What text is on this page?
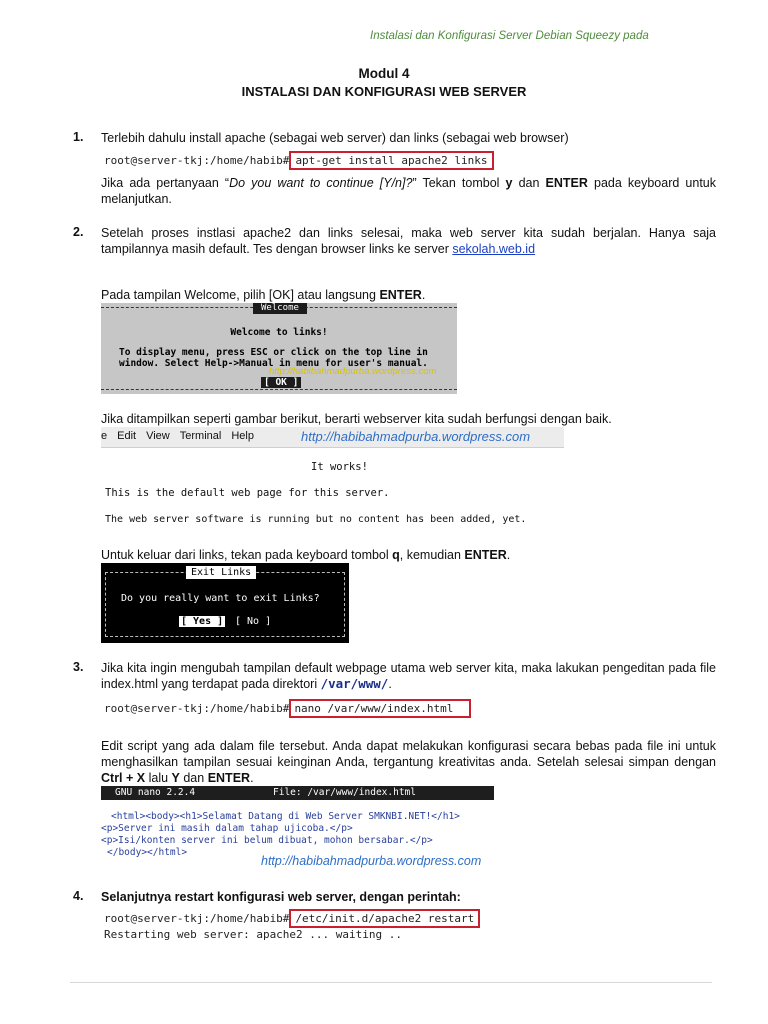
Instalasi dan Konfigurasi Server Debian Squeezy pada
Modul 4
INSTALASI DAN KONFIGURASI WEB SERVER
1. Terlebih dahulu install apache (sebagai web server) dan links (sebagai web browser)
root@server-tkj:/home/habib# apt-get install apache2 links
Jika ada pertanyaan “Do you want to continue [Y/n]?” Tekan tombol y dan ENTER pada keyboard untuk melanjutkan.
2. Setelah proses instlasi apache2 dan links selesai, maka web server kita sudah berjalan. Hanya saja tampilannya masih default. Tes dengan browser links ke server sekolah.web.id
Pada tampilan Welcome, pilih [OK] atau langsung ENTER.
Welcome
Welcome to links!
To display menu, press ESC or click on the top line in
window. Select Help->Manual in menu for user's manual.
http://habibahmadpurba.wordpress.com
[ OK ]
Jika ditampilkan seperti gambar berikut, berarti webserver kita sudah berfungsi dengan baik.
e Edit View Terminal Help	http://habibahmadpurba.wordpress.com
It works!
This is the default web page for this server.
The web server software is running but no content has been added, yet.
Untuk keluar dari links, tekan pada keyboard tombol q, kemudian ENTER.
Exit Links
Do you really want to exit Links?
[ Yes ] [ No ]
3. Jika kita ingin mengubah tampilan default webpage utama web server kita, maka lakukan pengeditan pada file index.html yang terdapat pada direktori /var/www/.
root@server-tkj:/home/habib# nano /var/www/index.html
Edit script yang ada dalam file tersebut. Anda dapat melakukan konfigurasi secara bebas pada file ini untuk menghasilkan tampilan sesuai keinginan Anda, tergantung kreativitas anda. Setelah selesai simpan dengan Ctrl + X lalu Y dan ENTER.
GNU nano 2.2.4	File: /var/www/index.html
<html><body><h1>Selamat Datang di Web Server SMKNBI.NET!</h1>
<p>Server ini masih dalam tahap ujicoba.</p>
<p>Isi/konten server ini belum dibuat, mohon bersabar.</p>
</body></html>
http://habibahmadpurba.wordpress.com
4. Selanjutnya restart konfigurasi web server, dengan perintah:
root@server-tkj:/home/habib# /etc/init.d/apache2 restart
Restarting web server: apache2 ... waiting ..
